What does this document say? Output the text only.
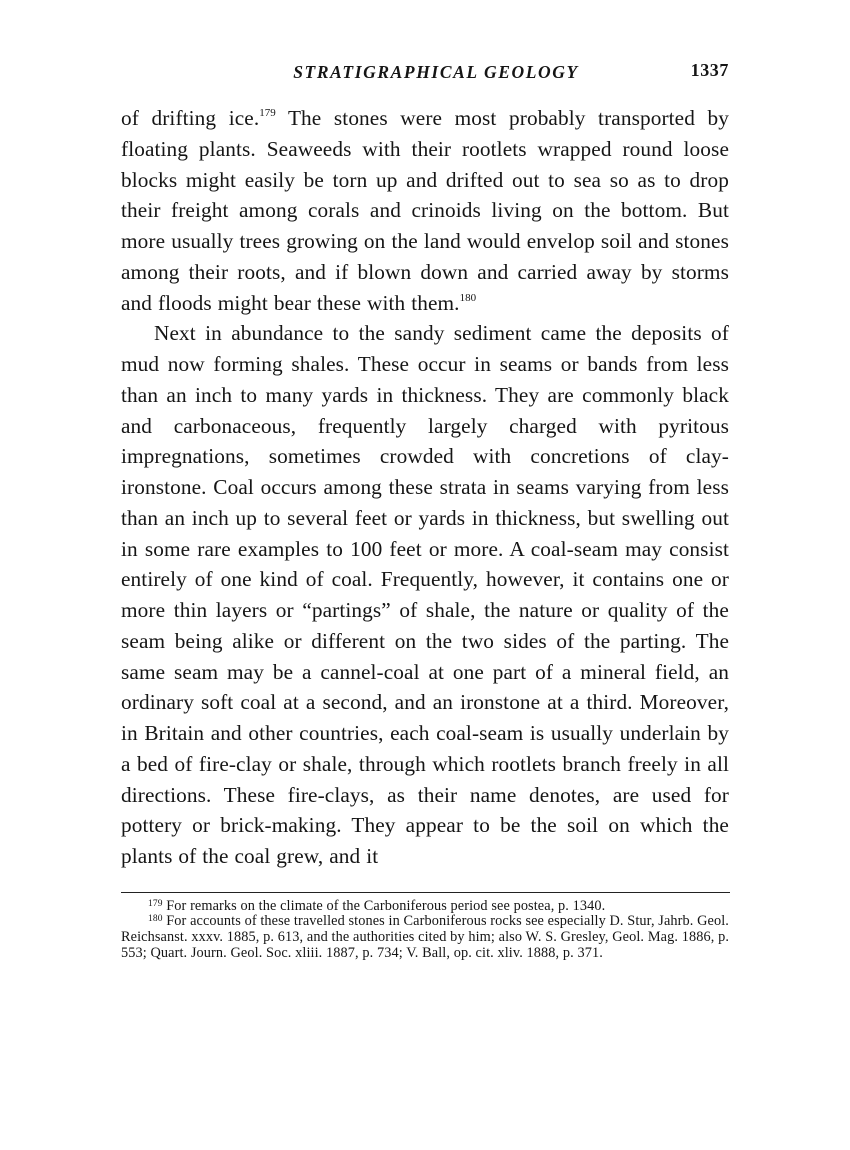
STRATIGRAPHICAL GEOLOGY	1337

of drifting ice.$^{179}$ The stones were most probably transported by floating plants. Seaweeds with their rootlets wrapped round loose blocks might easily be torn up and drifted out to sea so as to drop their freight among corals and crinoids living on the bottom. But more usually trees growing on the land would envelop soil and stones among their roots, and if blown down and carried away by storms and floods might bear these with them.$^{180}$

Next in abundance to the sandy sediment came the deposits of mud now forming shales. These occur in seams or bands from less than an inch to many yards in thickness. They are commonly black and carbonaceous, frequently largely charged with pyritous impregnations, sometimes crowded with concretions of clay-ironstone. Coal occurs among these strata in seams varying from less than an inch up to several feet or yards in thickness, but swelling out in some rare examples to 100 feet or more. A coal-seam may consist entirely of one kind of coal. Frequently, however, it contains one or more thin layers or “partings” of shale, the nature or quality of the seam being alike or different on the two sides of the parting. The same seam may be a cannel-coal at one part of a mineral field, an ordinary soft coal at a second, and an ironstone at a third. Moreover, in Britain and other countries, each coal-seam is usually underlain by a bed of fire-clay or shale, through which rootlets branch freely in all directions. These fire-clays, as their name denotes, are used for pottery or brick-making. They appear to be the soil on which the plants of the coal grew, and it

$^{179}$ For remarks on the climate of the Carboniferous period see postea, p. 1340.

$^{180}$ For accounts of these travelled stones in Carboniferous rocks see especially D. Stur, Jahrb. Geol. Reichsanst. xxxv. 1885, p. 613, and the authorities cited by him; also W. S. Gresley, Geol. Mag. 1886, p. 553; Quart. Journ. Geol. Soc. xliii. 1887, p. 734; V. Ball, op. cit. xliv. 1888, p. 371.
